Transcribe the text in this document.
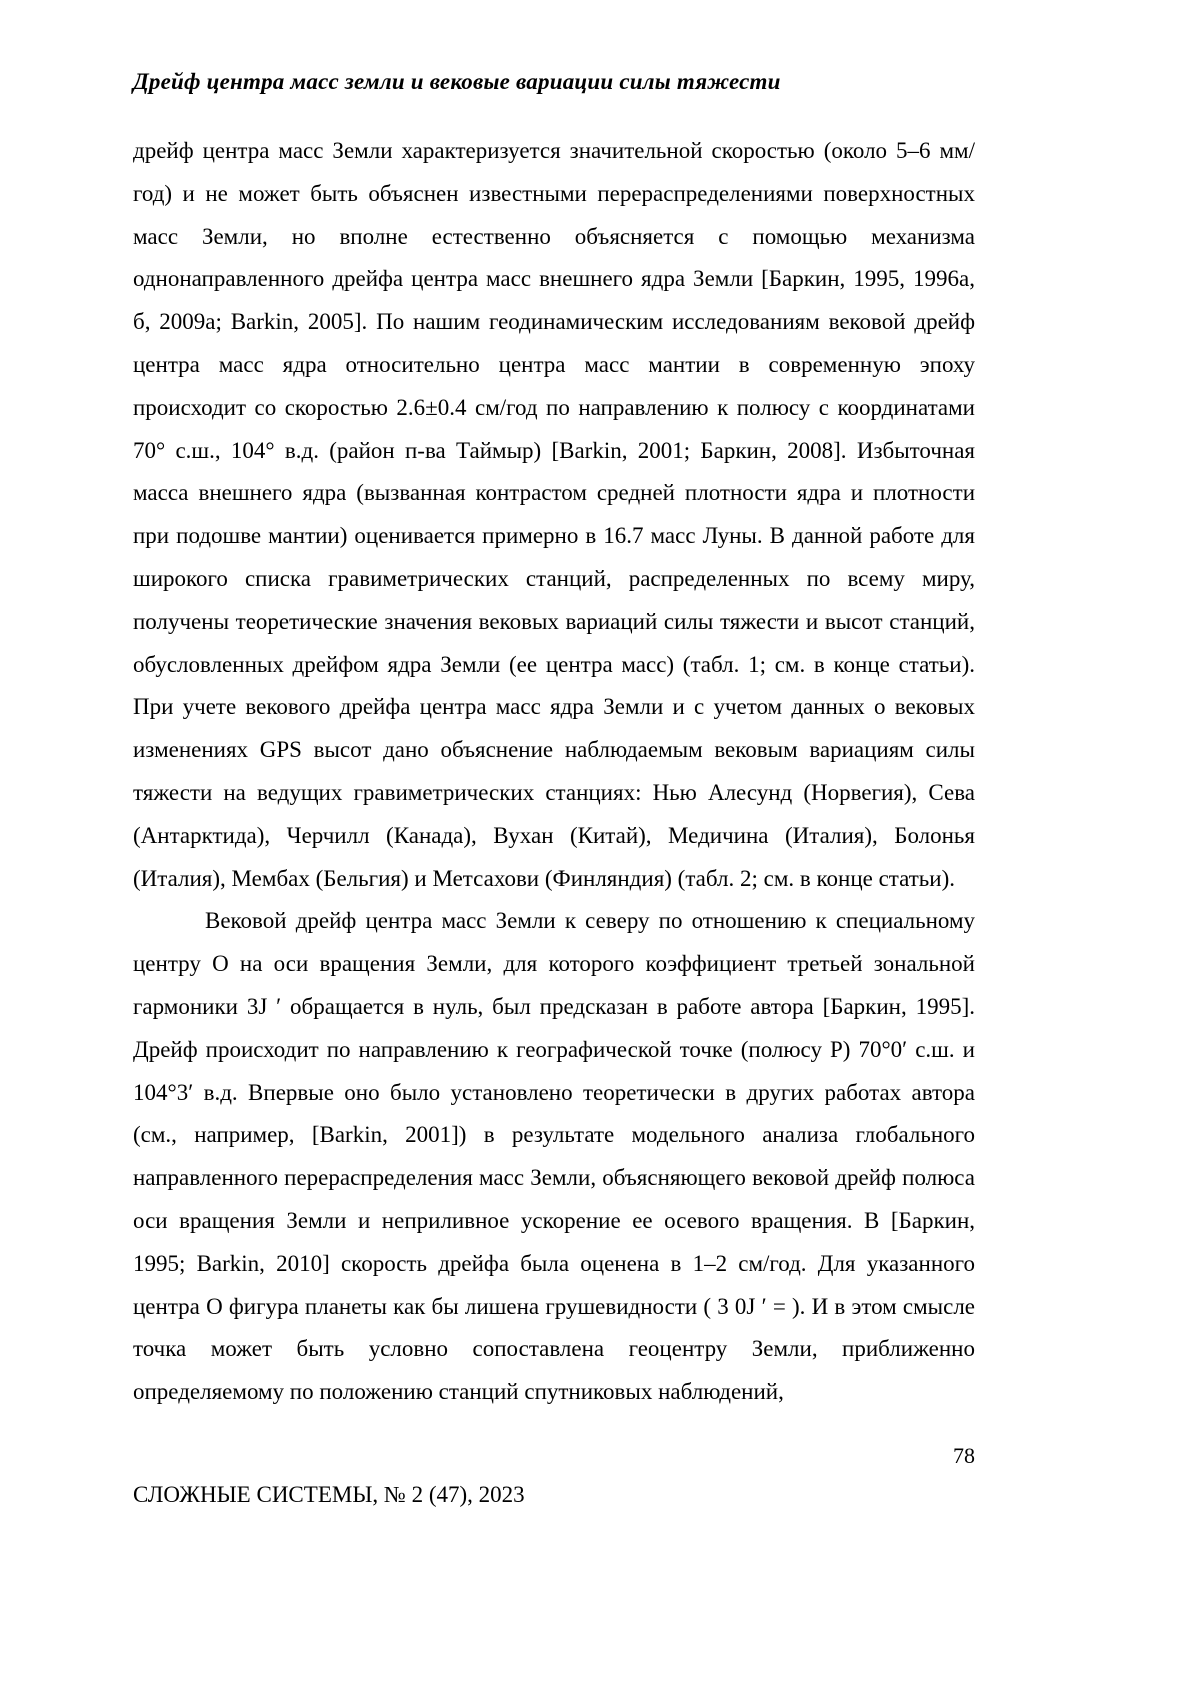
Дрейф центра масс земли и вековые вариации силы тяжести

дрейф центра масс Земли характеризуется значительной скоростью (около 5–6 мм/год) и не может быть объяснен известными перераспределениями поверхностных масс Земли, но вполне естественно объясняется с помощью механизма однонаправленного дрейфа центра масс внешнего ядра Земли [Баркин, 1995, 1996а, б, 2009а; Barkin, 2005]. По нашим геодинамическим исследованиям вековой дрейф центра масс ядра относительно центра масс мантии в современную эпоху происходит со скоростью 2.6±0.4 см/год по направлению к полюсу с координатами 70° с.ш., 104° в.д. (район п-ва Таймыр) [Barkin, 2001; Баркин, 2008]. Избыточная масса внешнего ядра (вызванная контрастом средней плотности ядра и плотности при подошве мантии) оценивается примерно в 16.7 масс Луны. В данной работе для широкого списка гравиметрических станций, распределенных по всему миру, получены теоретические значения вековых вариаций силы тяжести и высот станций, обусловленных дрейфом ядра Земли (ее центра масс) (табл. 1; см. в конце статьи). При учете векового дрейфа центра масс ядра Земли и с учетом данных о вековых изменениях GPS высот дано объяснение наблюдаемым вековым вариациям силы тяжести на ведущих гравиметрических станциях: Нью Алесунд (Норвегия), Сева (Антарктида), Черчилл (Канада), Вухан (Китай), Медичина (Италия), Болонья (Италия), Мембах (Бельгия) и Метсахови (Финляндия) (табл. 2; см. в конце статьи).

Вековой дрейф центра масс Земли к северу по отношению к специальному центру О на оси вращения Земли, для которого коэффициент третьей зональной гармоники 3J ′ обращается в нуль, был предсказан в работе автора [Баркин, 1995]. Дрейф происходит по направлению к географической точке (полюсу Р) 70°0′ с.ш. и 104°3′ в.д. Впервые оно было установлено теоретически в других работах автора (см., например, [Barkin, 2001]) в результате модельного анализа глобального направленного перераспределения масс Земли, объясняющего вековой дрейф полюса оси вращения Земли и неприливное ускорение ее осевого вращения. В [Баркин, 1995; Barkin, 2010] скорость дрейфа была оценена в 1–2 см/год. Для указанного центра О фигура планеты как бы лишена грушевидности ( 3 0J ′ = ). И в этом смысле точка может быть условно сопоставлена геоцентру Земли, приближенно определяемому по положению станций спутниковых наблюдений,

78
СЛОЖНЫЕ СИСТЕМЫ, № 2 (47), 2023
